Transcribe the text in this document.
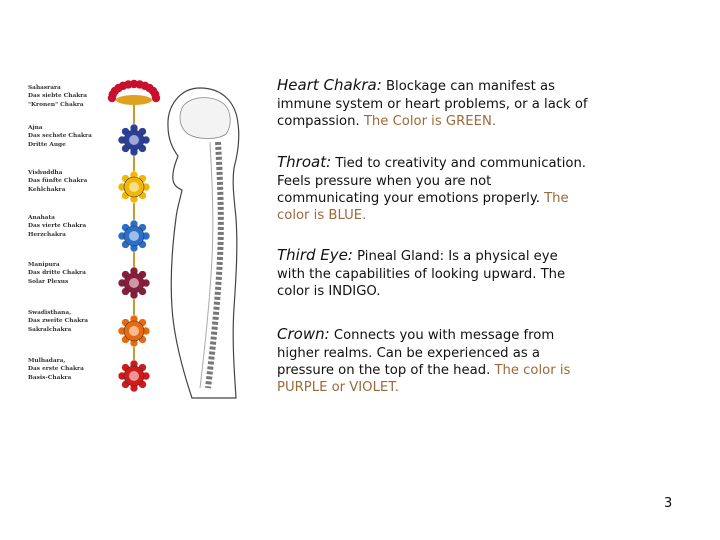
Sahasrara
Das siebte Chakra
"Kronen" Chakra
Ajna
Das sechste Chakra
Dritte Auge
Vishuddha
Das fünfte Chakra
Kehlchakra
Anahata
Das vierte Chakra
Herzchakra
Manipura
Das dritte Chakra
Solar Plexus
Swadisthana,
Das zweite Chakra
Sakralchakra
Mulhadara,
Das erste Chakra
Basis-Chakra
Heart Chakra: Blockage can manifest as
immune system or heart problems, or a lack of
compassion. The Color is GREEN.
Throat: Tied to creativity and communication.
Feels pressure when you are not
communicating your emotions properly. The
color is BLUE.
Third Eye: Pineal Gland: Is a physical eye
with the capabilities of looking upward. The
color is INDIGO.
Crown: Connects you with message from
higher realms. Can be experienced as a
pressure on the top of the head. The color is
PURPLE or VIOLET.
3
